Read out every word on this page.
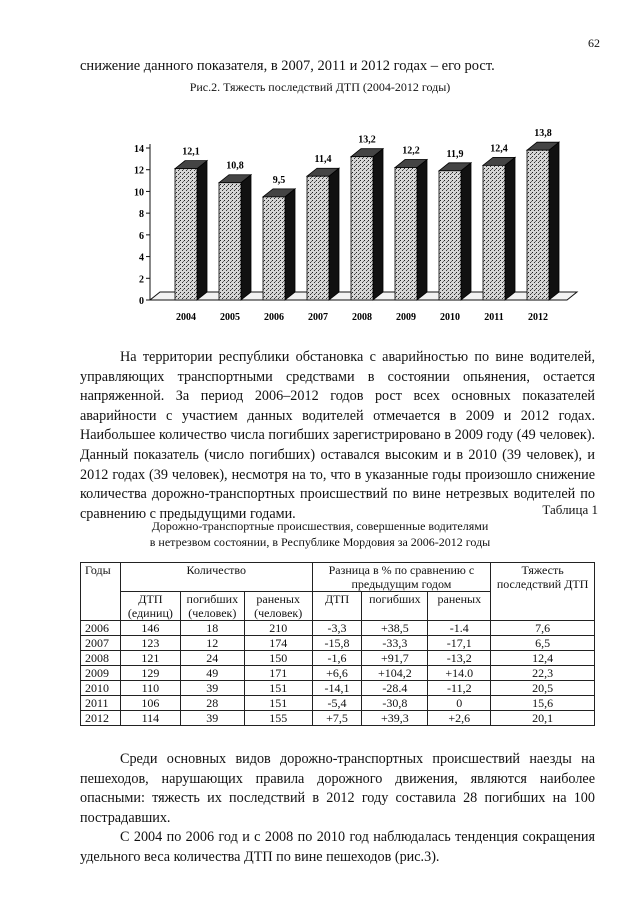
62
снижение данного показателя, в 2007, 2011 и 2012 годах – его рост.
Рис.2. Тяжесть последствий ДТП (2004-2012 годы)
0
2
4
6
8
10
12
14	12,1
10,8
9,5
11,4
13,2
12,2	11,9	12,4
13,8
2004 2005 2006 2007 2008 2009 2010 2011 2012

На территории республики обстановка с аварийностью по вине водителей, управляющих транспортными средствами в состоянии опьянения, остается напряженной. За период 2006–2012 годов рост всех основных показателей аварийности с участием данных водителей отмечается в 2009 и 2012 годах. Наибольшее количество числа погибших зарегистрировано в 2009 году (49 человек). Данный показатель (число погибших) оставался высоким и в 2010 (39 человек), и 2012 годах (39 человек), несмотря на то, что в указанные годы произошло снижение количества дорожно-транспортных происшествий по вине нетрезвых водителей по сравнению с предыдущими годами.	Таблица 1
Дорожно-транспортные происшествия, совершенные водителями
в нетрезвом состоянии, в Республике Мордовия за 2006-2012 годы
Годы	Количество			Разница в % по сравнению с предыдущим годом			Тяжесть последствий ДТП
	ДТП (единиц)	погибших (человек)	раненых (человек)	ДТП	погибших	раненых	
2006	146	18	210	-3,3	+38,5	-1.4	7,6
2007	123	12	174	-15,8	-33,3	-17,1	6,5
2008	121	24	150	-1,6	+91,7	-13,2	12,4
2009	129	49	171	+6,6	+104,2	+14.0	22,3
2010	110	39	151	-14,1	-28.4	-11,2	20,5
2011	106	28	151	-5,4	-30,8	0	15,6
2012	114	39	155	+7,5	+39,3	+2,6	20,1

Среди основных видов дорожно-транспортных происшествий наезды на пешеходов, нарушающих правила дорожного движения, являются наиболее опасными: тяжесть их последствий в 2012 году составила 28 погибших на 100 пострадавших.

С 2004 по 2006 год и с 2008 по 2010 год наблюдалась тенденция сокращения удельного веса количества ДТП по вине пешеходов (рис.3).
